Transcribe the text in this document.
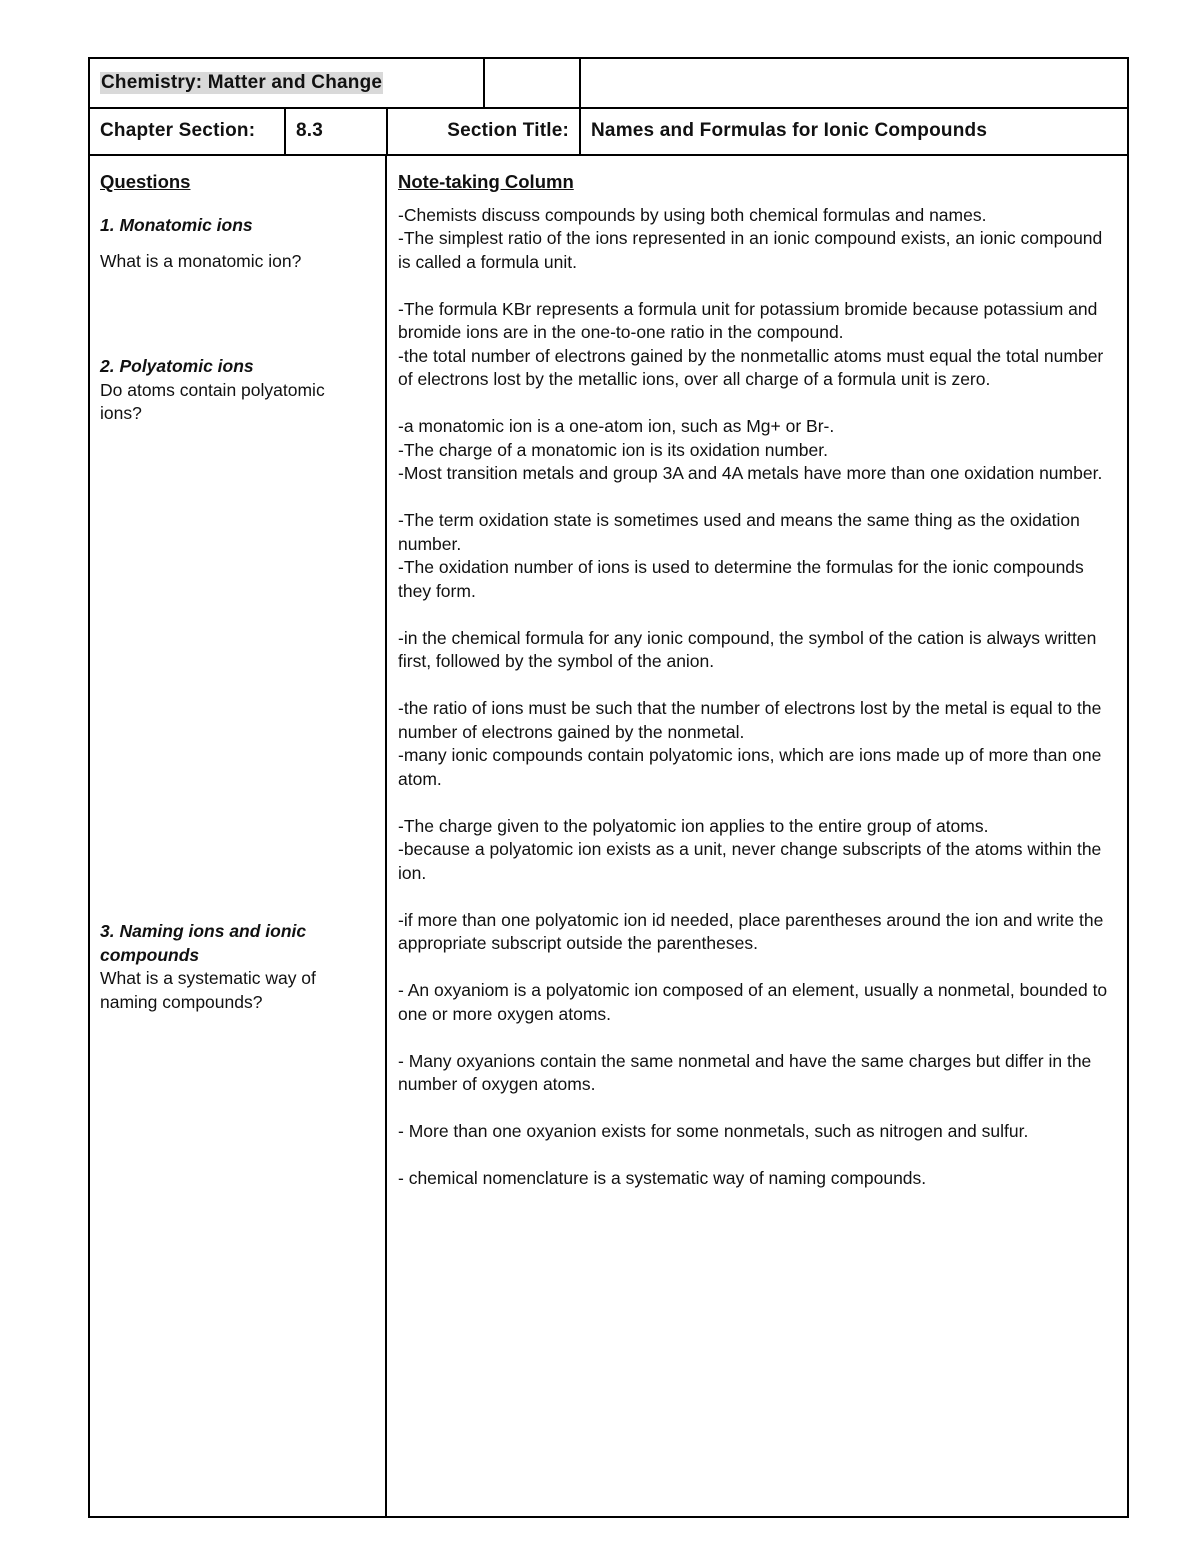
Chemistry: Matter and Change
Chapter Section:	8.3	Section Title:	Names and Formulas for Ionic Compounds
Questions
1. Monatomic ions

What is a monatomic ion?

2. Polyatomic ions

Do atoms contain polyatomic ions?

3. Naming ions and ionic compounds

What is a systematic way of naming compounds?

Note-taking Column
-Chemists discuss compounds by using both chemical formulas and names.
-The simplest ratio of the ions represented in an ionic compound exists, an ionic compound is called a formula unit.
-The formula KBr represents a formula unit for potassium bromide because potassium and bromide ions are in the one-to-one ratio in the compound.
-the total number of electrons gained by the nonmetallic atoms must equal the total number of electrons lost by the metallic ions, over all charge of a formula unit is zero.
-a monatomic ion is a one-atom ion, such as Mg+ or Br-.
-The charge of a monatomic ion is its oxidation number.
-Most transition metals and group 3A and 4A metals have more than one oxidation number.
-The term oxidation state is sometimes used and means the same thing as the oxidation number.
-The oxidation number of ions is used to determine the formulas for the ionic compounds they form.
-in the chemical formula for any ionic compound, the symbol of the cation is always written first, followed by the symbol of the anion.
-the ratio of ions must be such that the number of electrons lost by the metal is equal to the number of electrons gained by the nonmetal.
-many ionic compounds contain polyatomic ions, which are ions made up of more than one atom.
-The charge given to the polyatomic ion applies to the entire group of atoms.
-because a polyatomic ion exists as a unit, never change subscripts of the atoms within the ion.
-if more than one polyatomic ion id needed, place parentheses around the ion and write the appropriate subscript outside the parentheses.
- An oxyaniom is a polyatomic ion composed of an element, usually a nonmetal, bounded to one or more oxygen atoms.
- Many oxyanions contain the same nonmetal and have the same charges but differ in the number of oxygen atoms.
- More than one oxyanion exists for some nonmetals, such as nitrogen and sulfur.
- chemical nomenclature is a systematic way of naming compounds.
